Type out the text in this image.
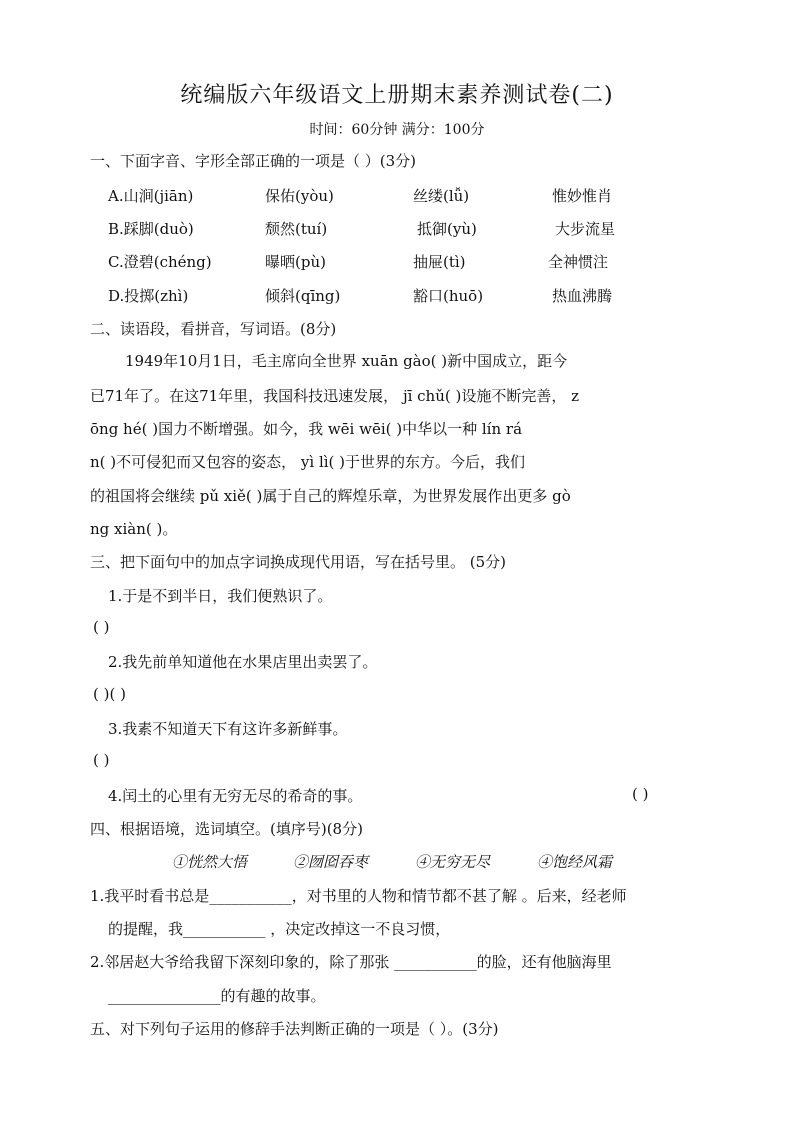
统编版六年级语文上册期末素养测试卷(二)
时间：60分钟 满分：100分
一、下面字音、字形全部正确的一项是（ ）(3分)
A.山涧(jiān)	保佑(yòu)	丝缕(lǚ)	惟妙惟肖
B.踩脚(duò)	颓然(tuí)	抵御(yù)	大步流星
C.澄碧(chéng)	曝晒(pù)	抽屉(tì)	全神惯注
D.投掷(zhì)	倾斜(qīng)	豁口(huō)	热血沸腾
二、读语段，看拼音，写词语。(8分)
1949年10月1日，毛主席向全世界 xuān gào( )新中国成立，距今
已71年了。在这71年里，我国科技迅速发展， jī chǔ( )设施不断完善， z
ōng hé( )国力不断增强。如今，我 wēi wēi( )中华以一种 lín rá
n( )不可侵犯而又包容的姿态， yì lì( )于世界的东方。今后，我们
的祖国将会继续 pǔ xiě( )属于自己的辉煌乐章，为世界发展作出更多 gò
ng xiàn( )。
三、把下面句中的加点字词换成现代用语，写在括号里。 (5分)
1.于是不到半日，我们便熟识了。
( )
2.我先前单知道他在水果店里出卖罢了。
( )( )
3.我素不知道天下有这许多新鲜事。
( )
4.闰土的心里有无穷无尽的希奇的事。	( )
四、根据语境，选词填空。(填序号)(8分)
①恍然大悟	②囫囵吞枣	④无穷无尽	④饱经风霜
1.我平时看书总是___________，对书里的人物和情节都不甚了解 。后来，经老师
的提醒，我___________ ，决定改掉这一不良习惯，
2.邻居赵大爷给我留下深刻印象的，除了那张 ___________的脸，还有他脑海里
_______________的有趣的故事。
五、对下列句子运用的修辞手法判断正确的一项是（ ）。(3分)
